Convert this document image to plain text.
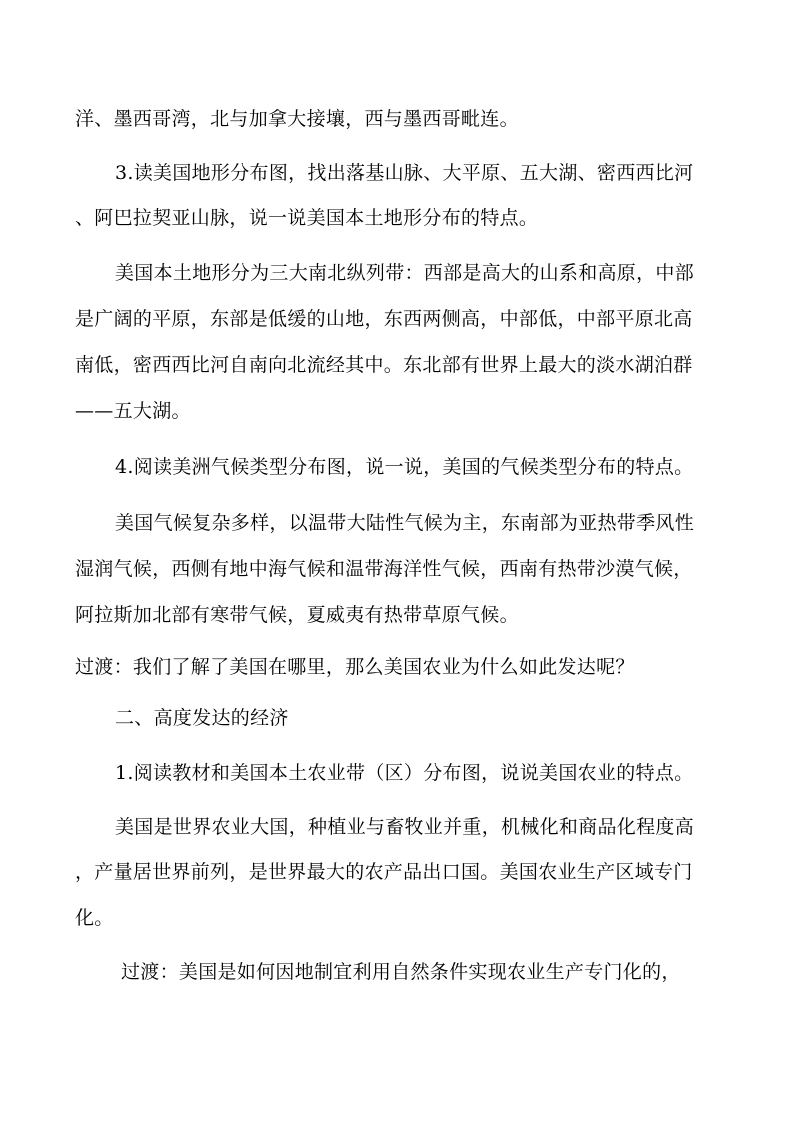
洋、墨西哥湾，北与加拿大接壤，西与墨西哥毗连。
3.读美国地形分布图，找出落基山脉、大平原、五大湖、密西西比河
、阿巴拉契亚山脉，说一说美国本土地形分布的特点。
美国本土地形分为三大南北纵列带：西部是高大的山系和高原，中部
是广阔的平原，东部是低缓的山地，东西两侧高，中部低，中部平原北高
南低，密西西比河自南向北流经其中。东北部有世界上最大的淡水湖泊群
——五大湖。
4.阅读美洲气候类型分布图，说一说，美国的气候类型分布的特点。
美国气候复杂多样，以温带大陆性气候为主，东南部为亚热带季风性
湿润气候，西侧有地中海气候和温带海洋性气候，西南有热带沙漠气候，
阿拉斯加北部有寒带气候，夏威夷有热带草原气候。
过渡：我们了解了美国在哪里，那么美国农业为什么如此发达呢？
二、高度发达的经济
1.阅读教材和美国本土农业带（区）分布图，说说美国农业的特点。
美国是世界农业大国，种植业与畜牧业并重，机械化和商品化程度高
，产量居世界前列，是世界最大的农产品出口国。美国农业生产区域专门
化。
过渡：美国是如何因地制宜利用自然条件实现农业生产专门化的，
